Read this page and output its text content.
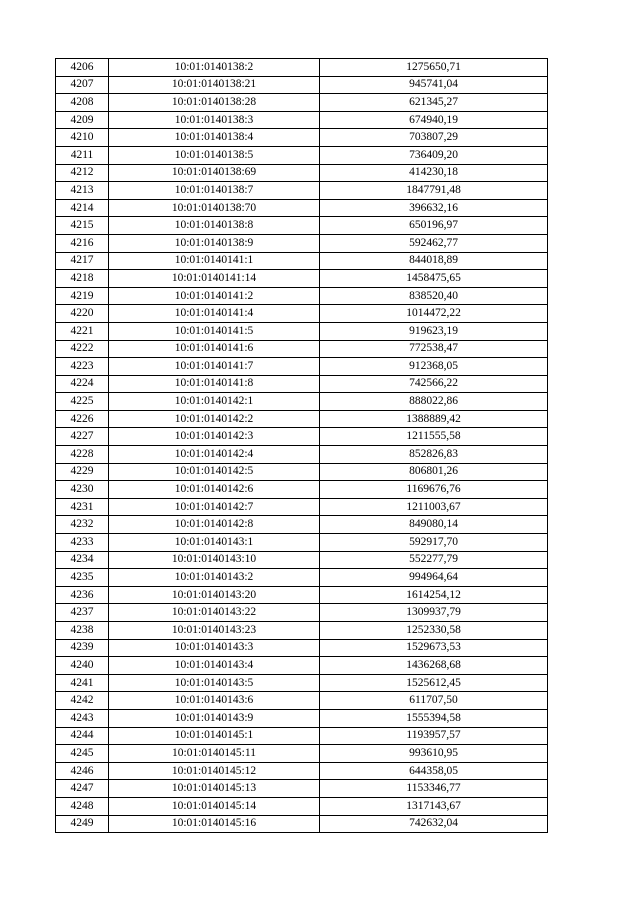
4206	10:01:0140138:2	1275650,71
4207	10:01:0140138:21	945741,04
4208	10:01:0140138:28	621345,27
4209	10:01:0140138:3	674940,19
4210	10:01:0140138:4	703807,29
4211	10:01:0140138:5	736409,20
4212	10:01:0140138:69	414230,18
4213	10:01:0140138:7	1847791,48
4214	10:01:0140138:70	396632,16
4215	10:01:0140138:8	650196,97
4216	10:01:0140138:9	592462,77
4217	10:01:0140141:1	844018,89
4218	10:01:0140141:14	1458475,65
4219	10:01:0140141:2	838520,40
4220	10:01:0140141:4	1014472,22
4221	10:01:0140141:5	919623,19
4222	10:01:0140141:6	772538,47
4223	10:01:0140141:7	912368,05
4224	10:01:0140141:8	742566,22
4225	10:01:0140142:1	888022,86
4226	10:01:0140142:2	1388889,42
4227	10:01:0140142:3	1211555,58
4228	10:01:0140142:4	852826,83
4229	10:01:0140142:5	806801,26
4230	10:01:0140142:6	1169676,76
4231	10:01:0140142:7	1211003,67
4232	10:01:0140142:8	849080,14
4233	10:01:0140143:1	592917,70
4234	10:01:0140143:10	552277,79
4235	10:01:0140143:2	994964,64
4236	10:01:0140143:20	1614254,12
4237	10:01:0140143:22	1309937,79
4238	10:01:0140143:23	1252330,58
4239	10:01:0140143:3	1529673,53
4240	10:01:0140143:4	1436268,68
4241	10:01:0140143:5	1525612,45
4242	10:01:0140143:6	611707,50
4243	10:01:0140143:9	1555394,58
4244	10:01:0140145:1	1193957,57
4245	10:01:0140145:11	993610,95
4246	10:01:0140145:12	644358,05
4247	10:01:0140145:13	1153346,77
4248	10:01:0140145:14	1317143,67
4249	10:01:0140145:16	742632,04
